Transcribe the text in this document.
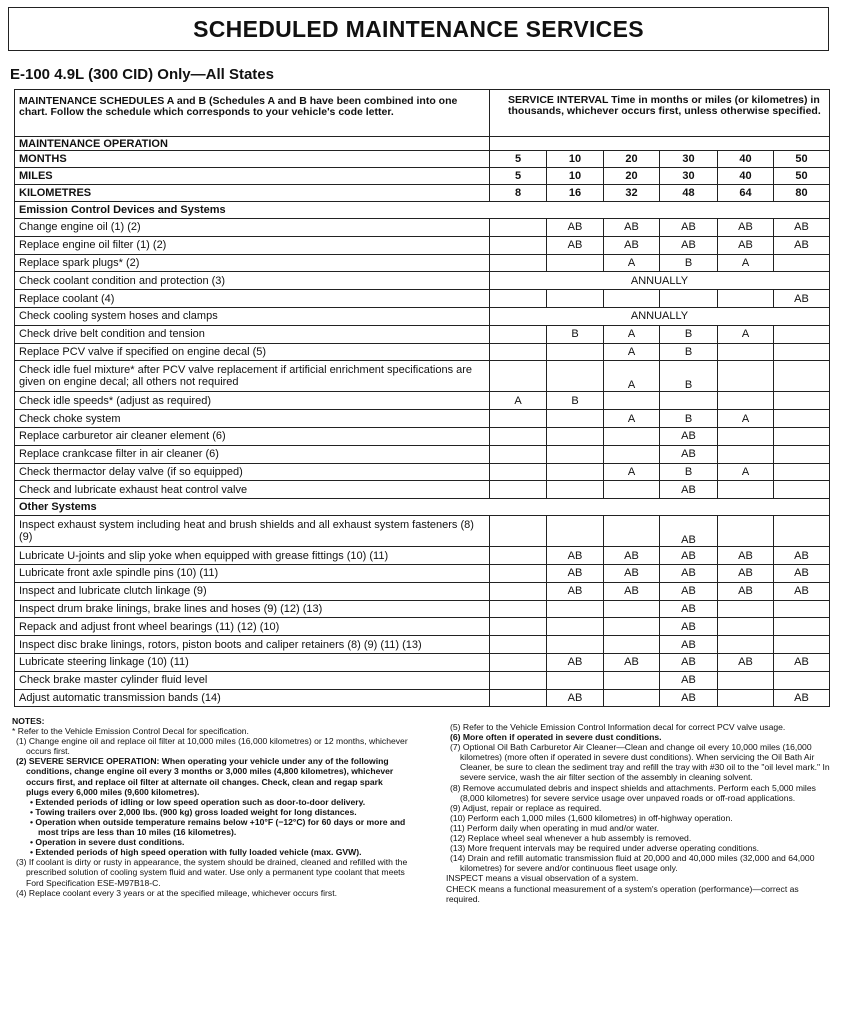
SCHEDULED MAINTENANCE SERVICES
E-100 4.9L (300 CID) Only—All States
MAINTENANCE SCHEDULES A and B (Schedules A and B have been combined into one chart. Follow the schedule which corresponds to your vehicle's code letter.	SERVICE INTERVAL Time in months or miles (or kilometres) in thousands, whichever occurs first, unless otherwise specified.					
MAINTENANCE OPERATION						
MONTHS	5	10	20	30	40	50
MILES	5	10	20	30	40	50
KILOMETRES	8	16	32	48	64	80
Emission Control Devices and Systems						
Change engine oil (1) (2)		AB	AB	AB	AB	AB
Replace engine oil filter (1) (2)		AB	AB	AB	AB	AB
Replace spark plugs* (2)			A	B	A	
Check coolant condition and protection (3)	ANNUALLY					
Replace coolant (4)						AB
Check cooling system hoses and clamps	ANNUALLY					
Check drive belt condition and tension		B	A	B	A	
Replace PCV valve if specified on engine decal (5)			A	B		
Check idle fuel mixture* after PCV valve replacement if artificial enrichment specifications are given on engine decal; all others not required			A	B		
Check idle speeds* (adjust as required)	A	B				
Check choke system			A	B	A	
Replace carburetor air cleaner element (6)				AB		
Replace crankcase filter in air cleaner (6)				AB		
Check thermactor delay valve (if so equipped)			A	B	A	
Check and lubricate exhaust heat control valve				AB		
Other Systems						
Inspect exhaust system including heat and brush shields and all exhaust system fasteners (8) (9)				AB		
Lubricate U-joints and slip yoke when equipped with grease fittings (10) (11)		AB	AB	AB	AB	AB
Lubricate front axle spindle pins (10) (11)		AB	AB	AB	AB	AB
Inspect and lubricate clutch linkage (9)		AB	AB	AB	AB	AB
Inspect drum brake linings, brake lines and hoses (9) (12) (13)				AB		
Repack and adjust front wheel bearings (11) (12) (10)				AB		
Inspect disc brake linings, rotors, piston boots and caliper retainers (8) (9) (11) (13)				AB		
Lubricate steering linkage (10) (11)		AB	AB	AB	AB	AB
Check brake master cylinder fluid level				AB		
Adjust automatic transmission bands (14)		AB		AB		AB
NOTES:
* Refer to the Vehicle Emission Control Decal for specification.
(1) Change engine oil and replace oil filter at 10,000 miles (16,000 kilometres) or 12 months, whichever occurs first.
(2) SEVERE SERVICE OPERATION: When operating your vehicle under any of the following conditions, change engine oil every 3 months or 3,000 miles (4,800 kilometres), whichever occurs first, and replace oil filter at alternate oil changes. Check, clean and regap spark plugs every 6,000 miles (9,600 kilometres).
• Extended periods of idling or low speed operation such as door-to-door delivery.
• Towing trailers over 2,000 lbs. (900 kg) gross loaded weight for long distances.
• Operation when outside temperature remains below +10°F (−12°C) for 60 days or more and most trips are less than 10 miles (16 kilometres).
• Operation in severe dust conditions.
• Extended periods of high speed operation with fully loaded vehicle (max. GVW).
(3) If coolant is dirty or rusty in appearance, the system should be drained, cleaned and refilled with the prescribed solution of cooling system fluid and water. Use only a permanent type coolant that meets Ford Specification ESE-M97B18-C.
(4) Replace coolant every 3 years or at the specified mileage, whichever occurs first.
(5) Refer to the Vehicle Emission Control Information decal for correct PCV valve usage.
(6) More often if operated in severe dust conditions.
(7) Optional Oil Bath Carburetor Air Cleaner—Clean and change oil every 10,000 miles (16,000 kilometres) (more often if operated in severe dust conditions). When servicing the Oil Bath Air Cleaner, be sure to clean the sediment tray and refill the tray with #30 oil to the "oil level mark." In severe service, wash the air filter section of the assembly in cleaning solvent.
(8) Remove accumulated debris and inspect shields and attachments. Perform each 5,000 miles (8,000 kilometres) for severe service usage over unpaved roads or off-road applications.
(9) Adjust, repair or replace as required.
(10) Perform each 1,000 miles (1,600 kilometres) in off-highway operation.
(11) Perform daily when operating in mud and/or water.
(12) Replace wheel seal whenever a hub assembly is removed.
(13) More frequent intervals may be required under adverse operating conditions.
(14) Drain and refill automatic transmission fluid at 20,000 and 40,000 miles (32,000 and 64,000 kilometres) for severe and/or continuous fleet usage only.
INSPECT means a visual observation of a system.
CHECK means a functional measurement of a system's operation (performance)—correct as required.
